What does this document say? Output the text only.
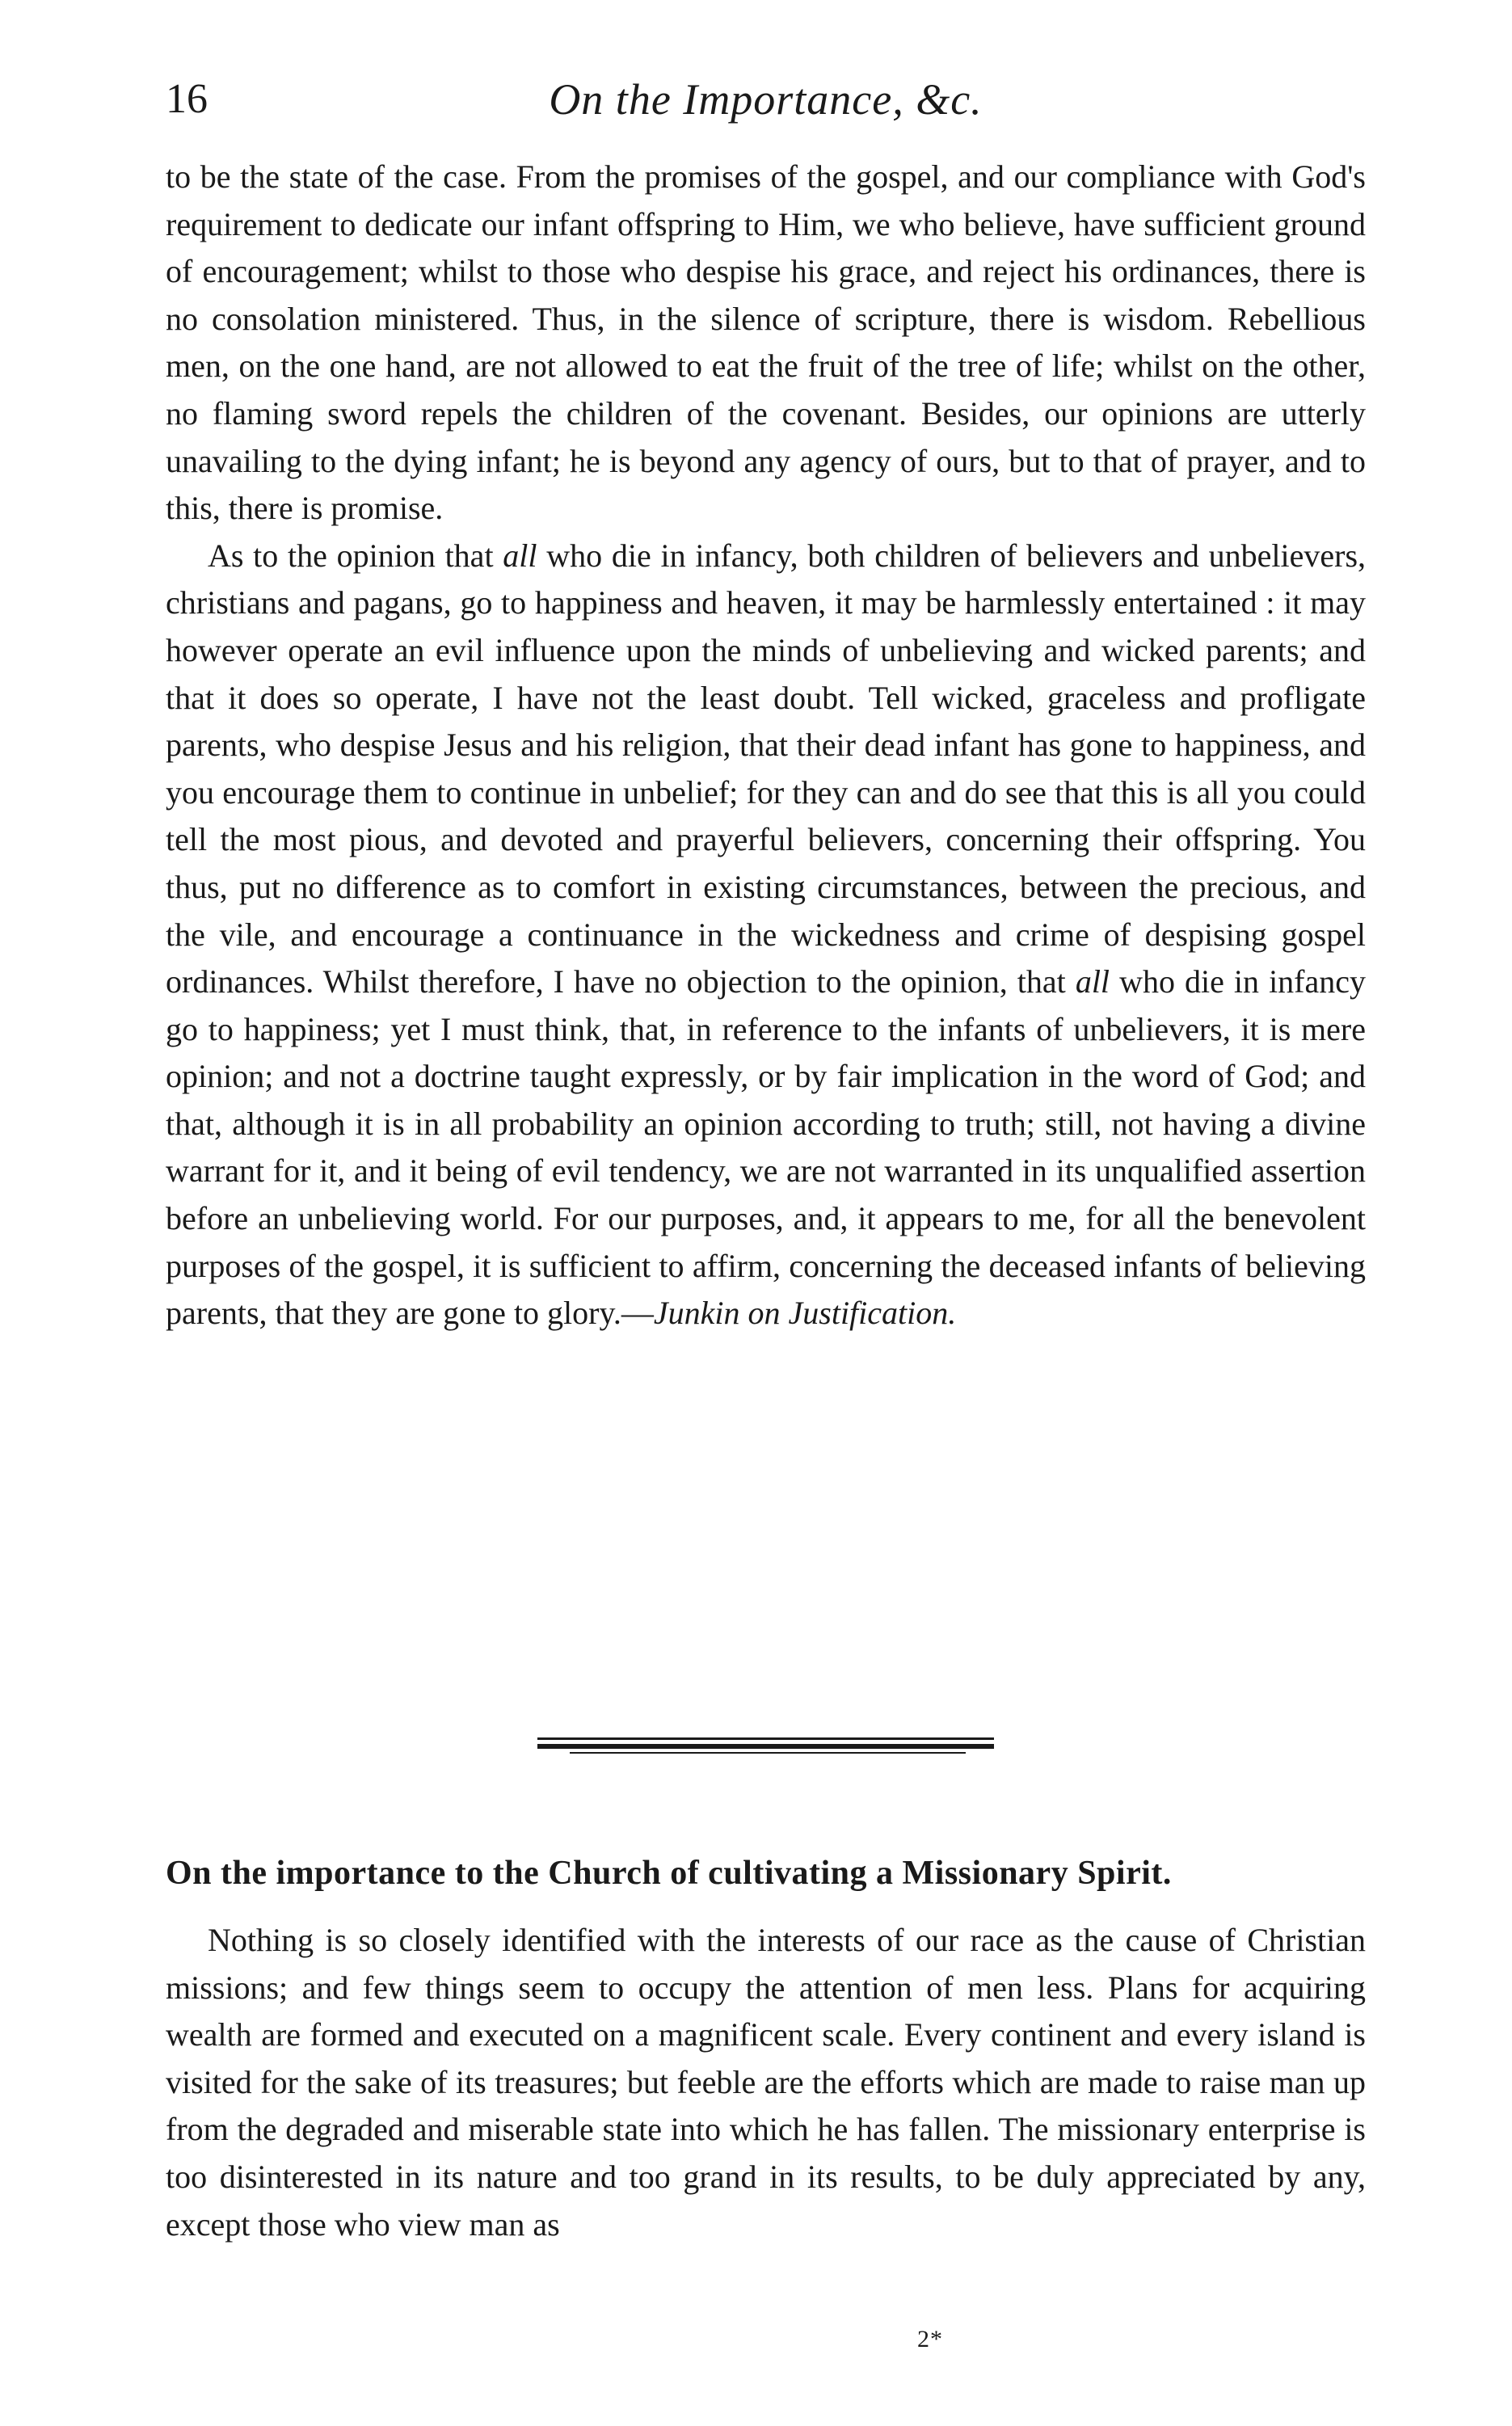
16	On the Importance, &c.

to be the state of the case. From the promises of the gospel, and our compliance with God's requirement to dedicate our infant offspring to Him, we who believe, have sufficient ground of encouragement; whilst to those who despise his grace, and reject his ordinances, there is no consolation ministered. Thus, in the silence of scripture, there is wisdom. Rebellious men, on the one hand, are not allowed to eat the fruit of the tree of life; whilst on the other, no flaming sword repels the children of the covenant. Besides, our opinions are utterly unavailing to the dying infant; he is beyond any agency of ours, but to that of prayer, and to this, there is promise.

As to the opinion that all who die in infancy, both children of believers and unbelievers, christians and pagans, go to happiness and heaven, it may be harmlessly entertained : it may however operate an evil influence upon the minds of unbelieving and wicked parents; and that it does so operate, I have not the least doubt. Tell wicked, graceless and profligate parents, who despise Jesus and his religion, that their dead infant has gone to happiness, and you encourage them to continue in unbelief; for they can and do see that this is all you could tell the most pious, and devoted and prayerful believers, concerning their offspring. You thus, put no difference as to comfort in existing circumstances, between the precious, and the vile, and encourage a continuance in the wickedness and crime of despising gospel ordinances. Whilst therefore, I have no objection to the opinion, that all who die in infancy go to happiness; yet I must think, that, in reference to the infants of unbelievers, it is mere opinion; and not a doctrine taught expressly, or by fair implication in the word of God; and that, although it is in all probability an opinion according to truth; still, not having a divine warrant for it, and it being of evil tendency, we are not warranted in its unqualified assertion before an unbelieving world. For our purposes, and, it appears to me, for all the benevolent purposes of the gospel, it is sufficient to affirm, concerning the deceased infants of believing parents, that they are gone to glory.—Junkin on Justification.

On the importance to the Church of cultivating a Missionary Spirit.

Nothing is so closely identified with the interests of our race as the cause of Christian missions; and few things seem to occupy the attention of men less. Plans for acquiring wealth are formed and executed on a magnificent scale. Every continent and every island is visited for the sake of its treasures; but feeble are the efforts which are made to raise man up from the degraded and miserable state into which he has fallen. The missionary enterprise is too disinterested in its nature and too grand in its results, to be duly appreciated by any, except those who view man as

2*
